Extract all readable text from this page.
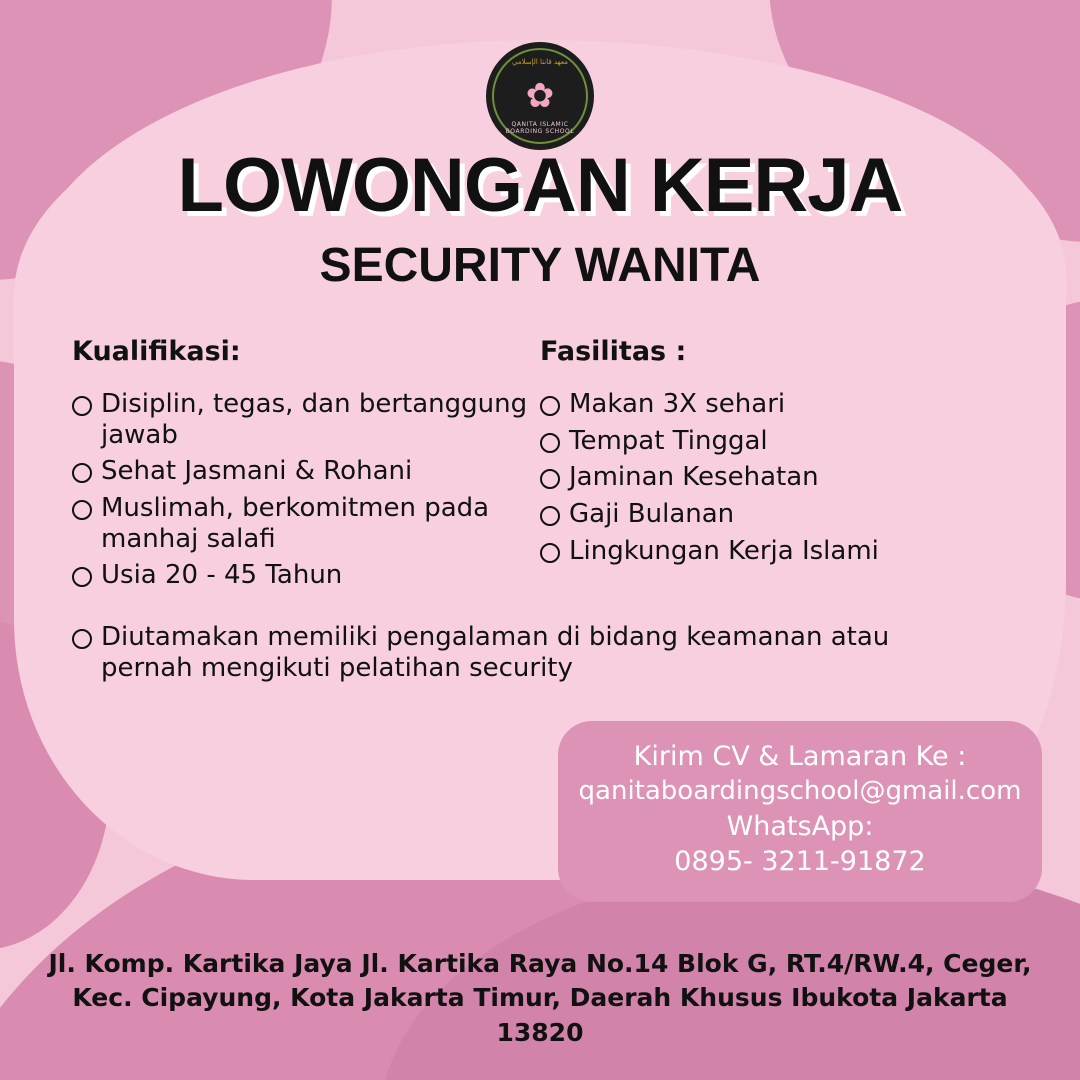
معهد قانتا الإسلامي
✿
QANITA ISLAMIC BOARDING SCHOOL
LOWONGAN KERJA
SECURITY WANITA
Kualifikasi:
Disiplin, tegas, dan bertanggung jawab
Sehat Jasmani & Rohani
Muslimah, berkomitmen pada manhaj salafi
Usia 20 - 45 Tahun
Fasilitas :
Makan 3X sehari
Tempat Tinggal
Jaminan Kesehatan
Gaji Bulanan
Lingkungan Kerja Islami
Diutamakan memiliki pengalaman di bidang keamanan atau pernah mengikuti pelatihan security
Kirim CV & Lamaran Ke :
qanitaboardingschool@gmail.com
WhatsApp:
0895- 3211-91872
Jl. Komp. Kartika Jaya Jl. Kartika Raya No.14 Blok G, RT.4/RW.4, Ceger,
Kec. Cipayung, Kota Jakarta Timur, Daerah Khusus Ibukota Jakarta 13820
